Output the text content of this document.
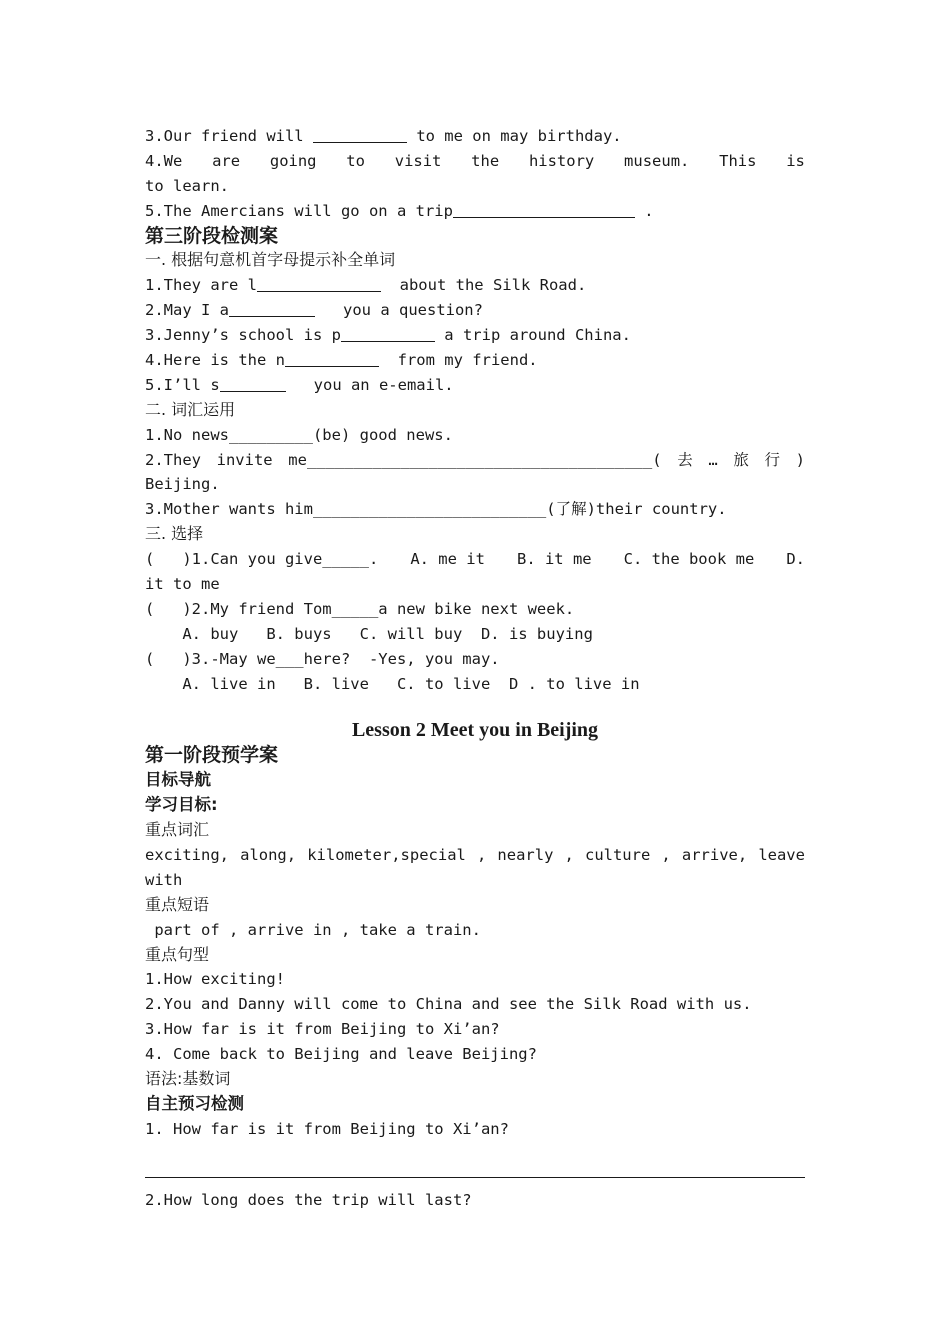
3.Our friend will	to me on may birthday.
4.We are going to visit the history museum. This is
to learn.
5.The Amercians will go on a trip	.
第三阶段检测案
一. 根据句意机首字母提示补全单词
1.They are l	about the Silk Road.
2.May I a	you a question?
3.Jenny’s school is p	a trip around China.
4.Here is the n	from my friend.
5.I’ll s	you an e-email.
二. 词汇运用
1.No news_________(be) good news.
2.They invite me_____________________________________( 去 … 旅 行 )
Beijing.
3.Mother wants him_________________________(了解)their country.
三. 选择
(   )1.Can you give_____. A. me it B. it me C. the book me D.
it to me
(   )2.My friend Tom_____a new bike next week.
A. buy   B. buys   C. will buy  D. is buying
(   )3.-May we___here?  -Yes, you may.
A. live in   B. live   C. to live  D . to live in
Lesson 2 Meet you in Beijing
第一阶段预学案
目标导航
学习目标:
重点词汇
exciting, along, kilometer,special , nearly , culture , arrive, leave
with
重点短语
part of , arrive in , take a train.
重点句型
1.How exciting!
2.You and Danny will come to China and see the Silk Road with us.
3.How far is it from Beijing to Xi’an?
4. Come back to Beijing and leave Beijing?
语法:基数词
自主预习检测
1. How far is it from Beijing to Xi’an?
2.How long does the trip will last?
